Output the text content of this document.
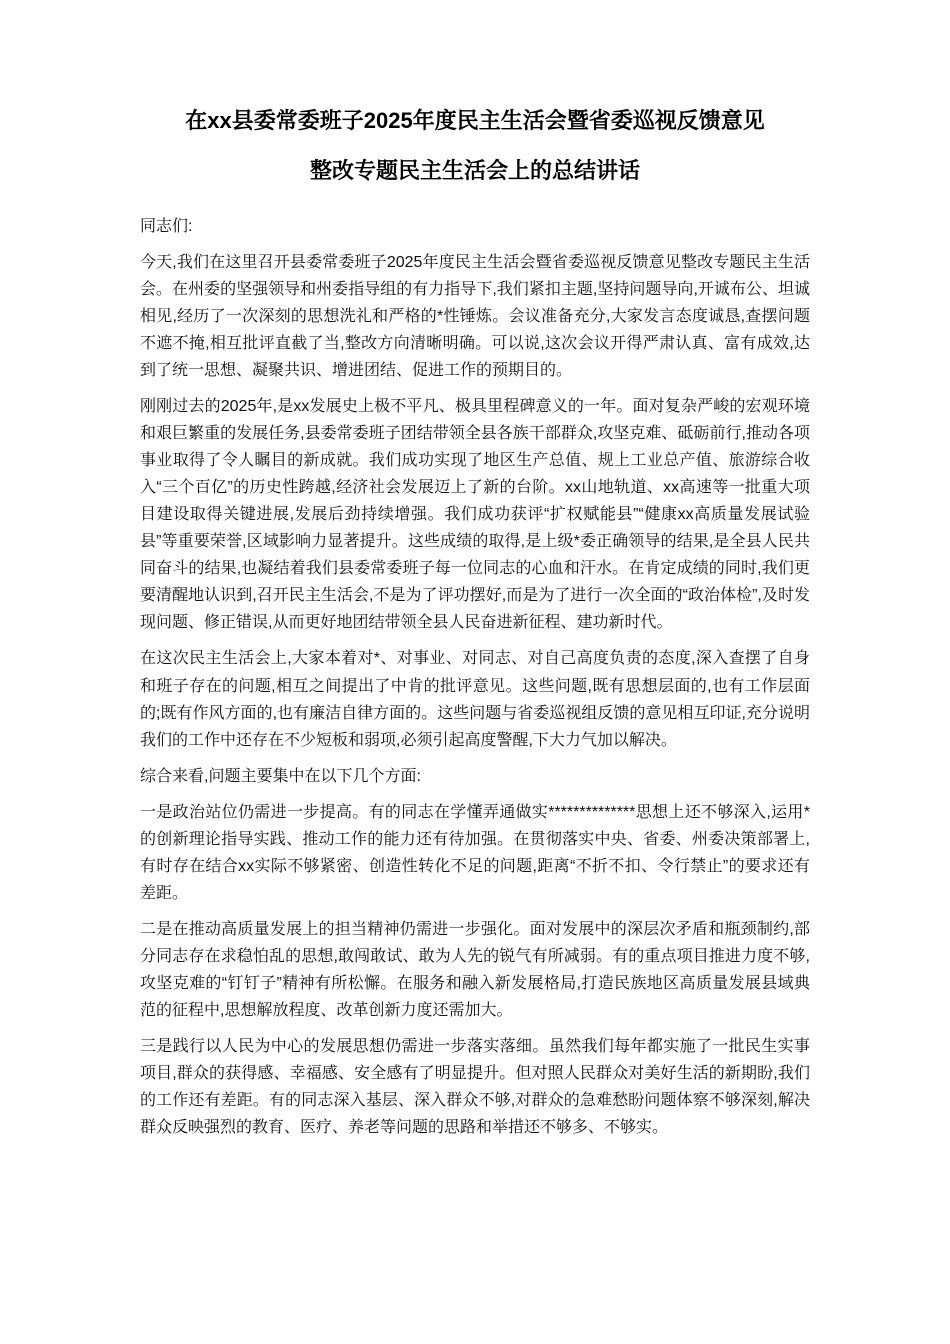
在xx县委常委班子2025年度民主生活会暨省委巡视反馈意见
整改专题民主生活会上的总结讲话

同志们:

今天,我们在这里召开县委常委班子2025年度民主生活会暨省委巡视反馈意见整改专题民主生活会。在州委的坚强领导和州委指导组的有力指导下,我们紧扣主题,坚持问题导向,开诚布公、坦诚相见,经历了一次深刻的思想洗礼和严格的*性锤炼。会议准备充分,大家发言态度诚恳,查摆问题不遮不掩,相互批评直截了当,整改方向清晰明确。可以说,这次会议开得严肃认真、富有成效,达到了统一思想、凝聚共识、增进团结、促进工作的预期目的。

刚刚过去的2025年,是xx发展史上极不平凡、极具里程碑意义的一年。面对复杂严峻的宏观环境和艰巨繁重的发展任务,县委常委班子团结带领全县各族干部群众,攻坚克难、砥砺前行,推动各项事业取得了令人瞩目的新成就。我们成功实现了地区生产总值、规上工业总产值、旅游综合收入“三个百亿”的历史性跨越,经济社会发展迈上了新的台阶。xx山地轨道、xx高速等一批重大项目建设取得关键进展,发展后劲持续增强。我们成功获评“扩权赋能县”“健康xx高质量发展试验县”等重要荣誉,区域影响力显著提升。这些成绩的取得,是上级*委正确领导的结果,是全县人民共同奋斗的结果,也凝结着我们县委常委班子每一位同志的心血和汗水。在肯定成绩的同时,我们更要清醒地认识到,召开民主生活会,不是为了评功摆好,而是为了进行一次全面的“政治体检”,及时发现问题、修正错误,从而更好地团结带领全县人民奋进新征程、建功新时代。

在这次民主生活会上,大家本着对*、对事业、对同志、对自己高度负责的态度,深入查摆了自身和班子存在的问题,相互之间提出了中肯的批评意见。这些问题,既有思想层面的,也有工作层面的;既有作风方面的,也有廉洁自律方面的。这些问题与省委巡视组反馈的意见相互印证,充分说明我们的工作中还存在不少短板和弱项,必须引起高度警醒,下大力气加以解决。

综合来看,问题主要集中在以下几个方面:

一是政治站位仍需进一步提高。有的同志在学懂弄通做实**************思想上还不够深入,运用*的创新理论指导实践、推动工作的能力还有待加强。在贯彻落实中央、省委、州委决策部署上,有时存在结合xx实际不够紧密、创造性转化不足的问题,距离“不折不扣、令行禁止”的要求还有差距。

二是在推动高质量发展上的担当精神仍需进一步强化。面对发展中的深层次矛盾和瓶颈制约,部分同志存在求稳怕乱的思想,敢闯敢试、敢为人先的锐气有所减弱。有的重点项目推进力度不够,攻坚克难的“钉钉子”精神有所松懈。在服务和融入新发展格局,打造民族地区高质量发展县域典范的征程中,思想解放程度、改革创新力度还需加大。

三是践行以人民为中心的发展思想仍需进一步落实落细。虽然我们每年都实施了一批民生实事项目,群众的获得感、幸福感、安全感有了明显提升。但对照人民群众对美好生活的新期盼,我们的工作还有差距。有的同志深入基层、深入群众不够,对群众的急难愁盼问题体察不够深刻,解决群众反映强烈的教育、医疗、养老等问题的思路和举措还不够多、不够实。
